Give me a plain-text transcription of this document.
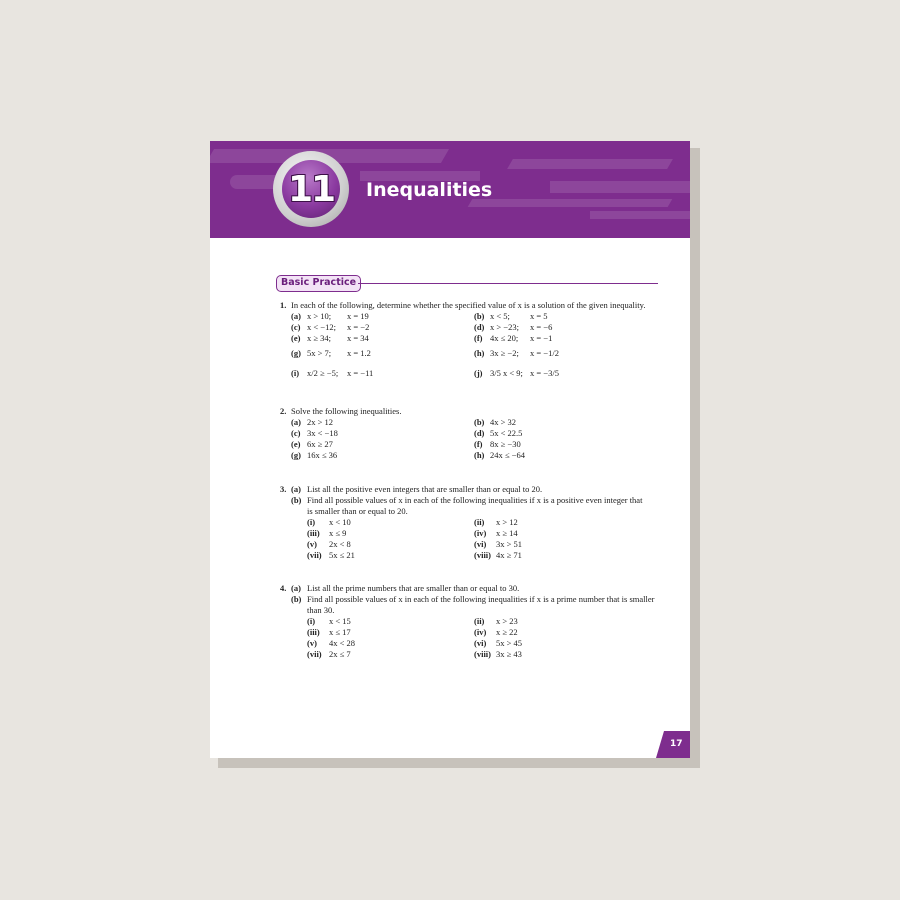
11 Inequalities
Basic Practice
1. In each of the following, determine whether the specified value of x is a solution of the given inequality.
(a) x > 10; x = 19	(b) x < 5; x = 5
(c) x < −12; x = −2	(d) x > −23; x = −6
(e) x ≥ 34; x = 34	(f) 4x ≤ 20; x = −1
(g) 5x > 7; x = 1.2	(h) 3x ≥ −2; x = −1/2
(i) x/2 ≥ −5; x = −11	(j) 3/5 x < 9; x = −3/5
2. Solve the following inequalities.
(a) 2x > 12	(b) 4x > 32
(c) 3x < −18	(d) 5x < 22.5
(e) 6x ≥ 27	(f) 8x ≥ −30
(g) 16x ≤ 36	(h) 24x ≤ −64
3. (a) List all the positive even integers that are smaller than or equal to 20.
(b) Find all possible values of x in each of the following inequalities if x is a positive even integer that
is smaller than or equal to 20.
(i) x < 10	(ii) x > 12
(iii) x ≤ 9	(iv) x ≥ 14
(v) 2x < 8	(vi) 3x > 51
(vii) 5x ≤ 21	(viii) 4x ≥ 71
4. (a) List all the prime numbers that are smaller than or equal to 30.
(b) Find all possible values of x in each of the following inequalities if x is a prime number that is smaller
than 30.
(i) x < 15	(ii) x > 23
(iii) x ≤ 17	(iv) x ≥ 22
(v) 4x < 28	(vi) 5x > 45
(vii) 2x ≤ 7	(viii) 3x ≥ 43
17
